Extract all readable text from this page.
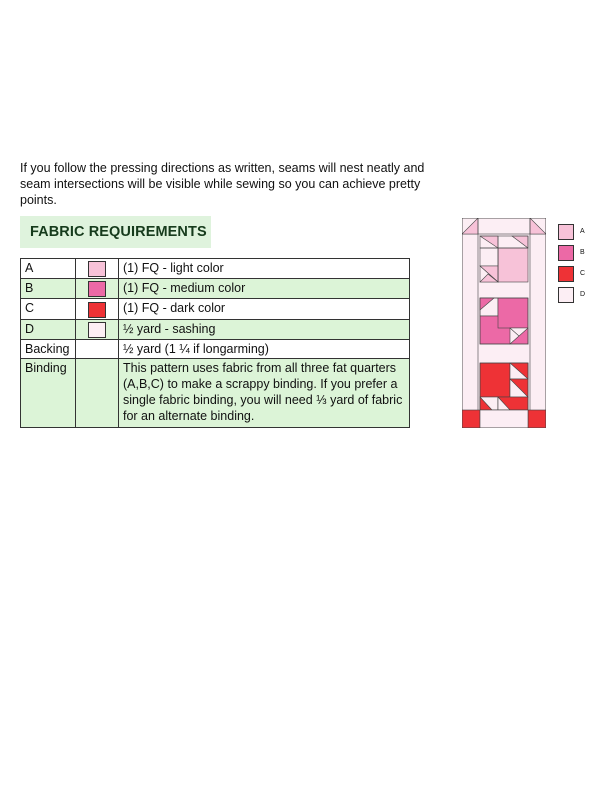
If you follow the pressing directions as written, seams will nest neatly and seam intersections will be visible while sewing so you can achieve pretty points.

FABRIC REQUIREMENTS
A		(1) FQ - light color
B		(1) FQ - medium color
C		(1) FQ - dark color
D		½ yard - sashing
Backing		½ yard (1 ¼ if longarming)
Binding		This pattern uses fabric from all three fat quarters (A,B,C) to make a scrappy binding. If you prefer a single fabric binding, you will need ⅓ yard of fabric for an alternate binding.
A
B
C
D
